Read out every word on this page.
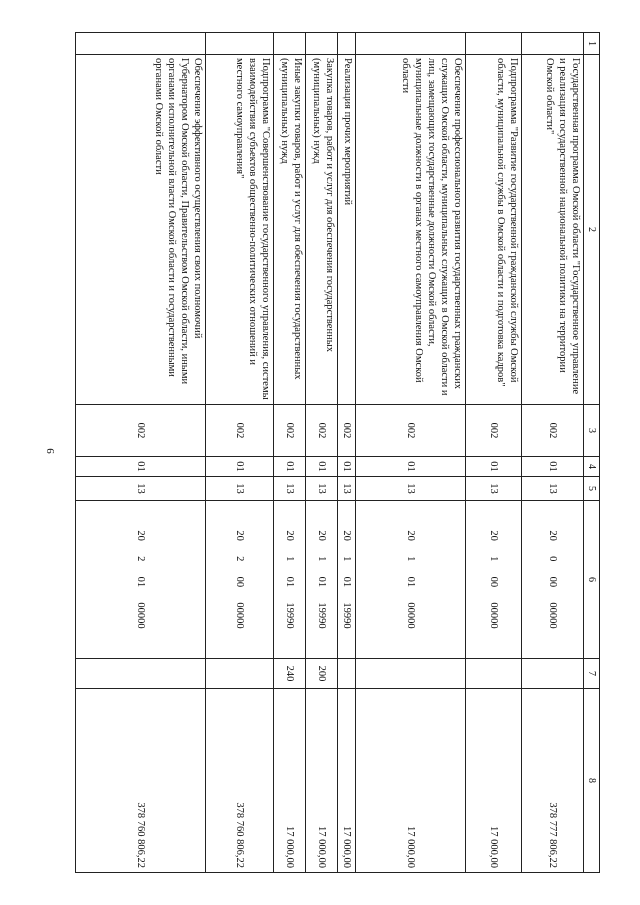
9
1	2	3	4	5	6	7	8
	Государственная программа Омской области "Государственное управление и реализация государственной национальной политики на территории Омской области"	002	01	13	20  0  00  00000		378 777 806,22
	Подпрограмма "Развитие государственной гражданской службы Омской области, муниципальной службы в Омской области и подготовка кадров"	002	01	13	20  1  00  00000		17 000,00
	Обеспечение профессионального развития государственных гражданских служащих Омской области, муниципальных служащих в Омской области и лиц, замещающих государственные должности Омской области, муниципальные должности в органах местного самоуправления Омской области	002	01	13	20  1  01  00000		17 000,00
	Реализация прочих мероприятий	002	01	13	20  1  01  19990		17 000,00
	Закупка товаров, работ и услуг для обеспечения государственных (муниципальных) нужд	002	01	13	20  1  01  19990	200	17 000,00
	Иные закупки товаров, работ и услуг для обеспечения государственных (муниципальных) нужд	002	01	13	20  1  01  19990	240	17 000,00
	Подпрограмма "Совершенствование государственного управления, системы взаимодействия субъектов общественно-политических отношений и местного самоуправления"	002	01	13	20  2  00  00000		378 760 806,22
	Обеспечение эффективного осуществления своих полномочий Губернатором Омской области, Правительством Омской области, иными органами исполнительной власти Омской области и государственными органами Омской области	002	01	13	20  2  01  00000		378 760 806,22
